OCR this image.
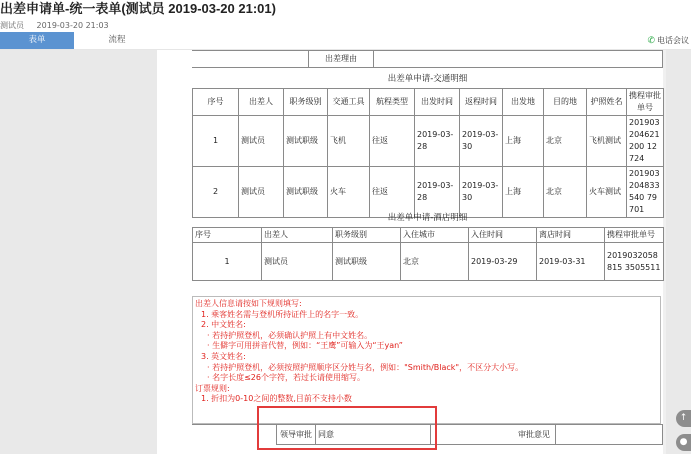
出差申请单-统一表单(测试员 2019-03-20 21:01)
测试员 2019-03-20 21:03
表单	流程	✆ 电话会议
	出差理由	
出差单申请-交通明细
序号	出差人	职务级别	交通工具	航程类型	出发时间	返程时间	出发地	目的地	护照姓名	携程审批单号
1	测试员	测试职级	飞机	往返	2019-03-28	2019-03-30	上海	北京	飞机测试	201903204621200 12724
2	测试员	测试职级	火车	往返	2019-03-28	2019-03-30	上海	北京	火车测试	201903204833540 79701
出差单申请-酒店明细
序号	出差人	职务级别	入住城市	入住时间	离店时间	携程审批单号
1	测试员	测试职级	北京	2019-03-29	2019-03-31	2019032058815 3505511
出差人信息请按如下规则填写:
1. 乘客姓名需与登机所持证件上的名字一致。
2. 中文姓名:
· 若持护照登机，必须确认护照上有中文姓名。
· 生僻字可用拼音代替，例如：“王鹰”可输入为“王yan”
3. 英文姓名:
· 若持护照登机，必须按照护照顺序区分姓与名，例如："Smith/Black"，不区分大小写。
· 名字长度≤26个字符，若过长请使用缩写。
订票规则:
1. 折扣为0-10之间的整数,目前不支持小数
	领导审批	同意		审批意见	
↑
●
